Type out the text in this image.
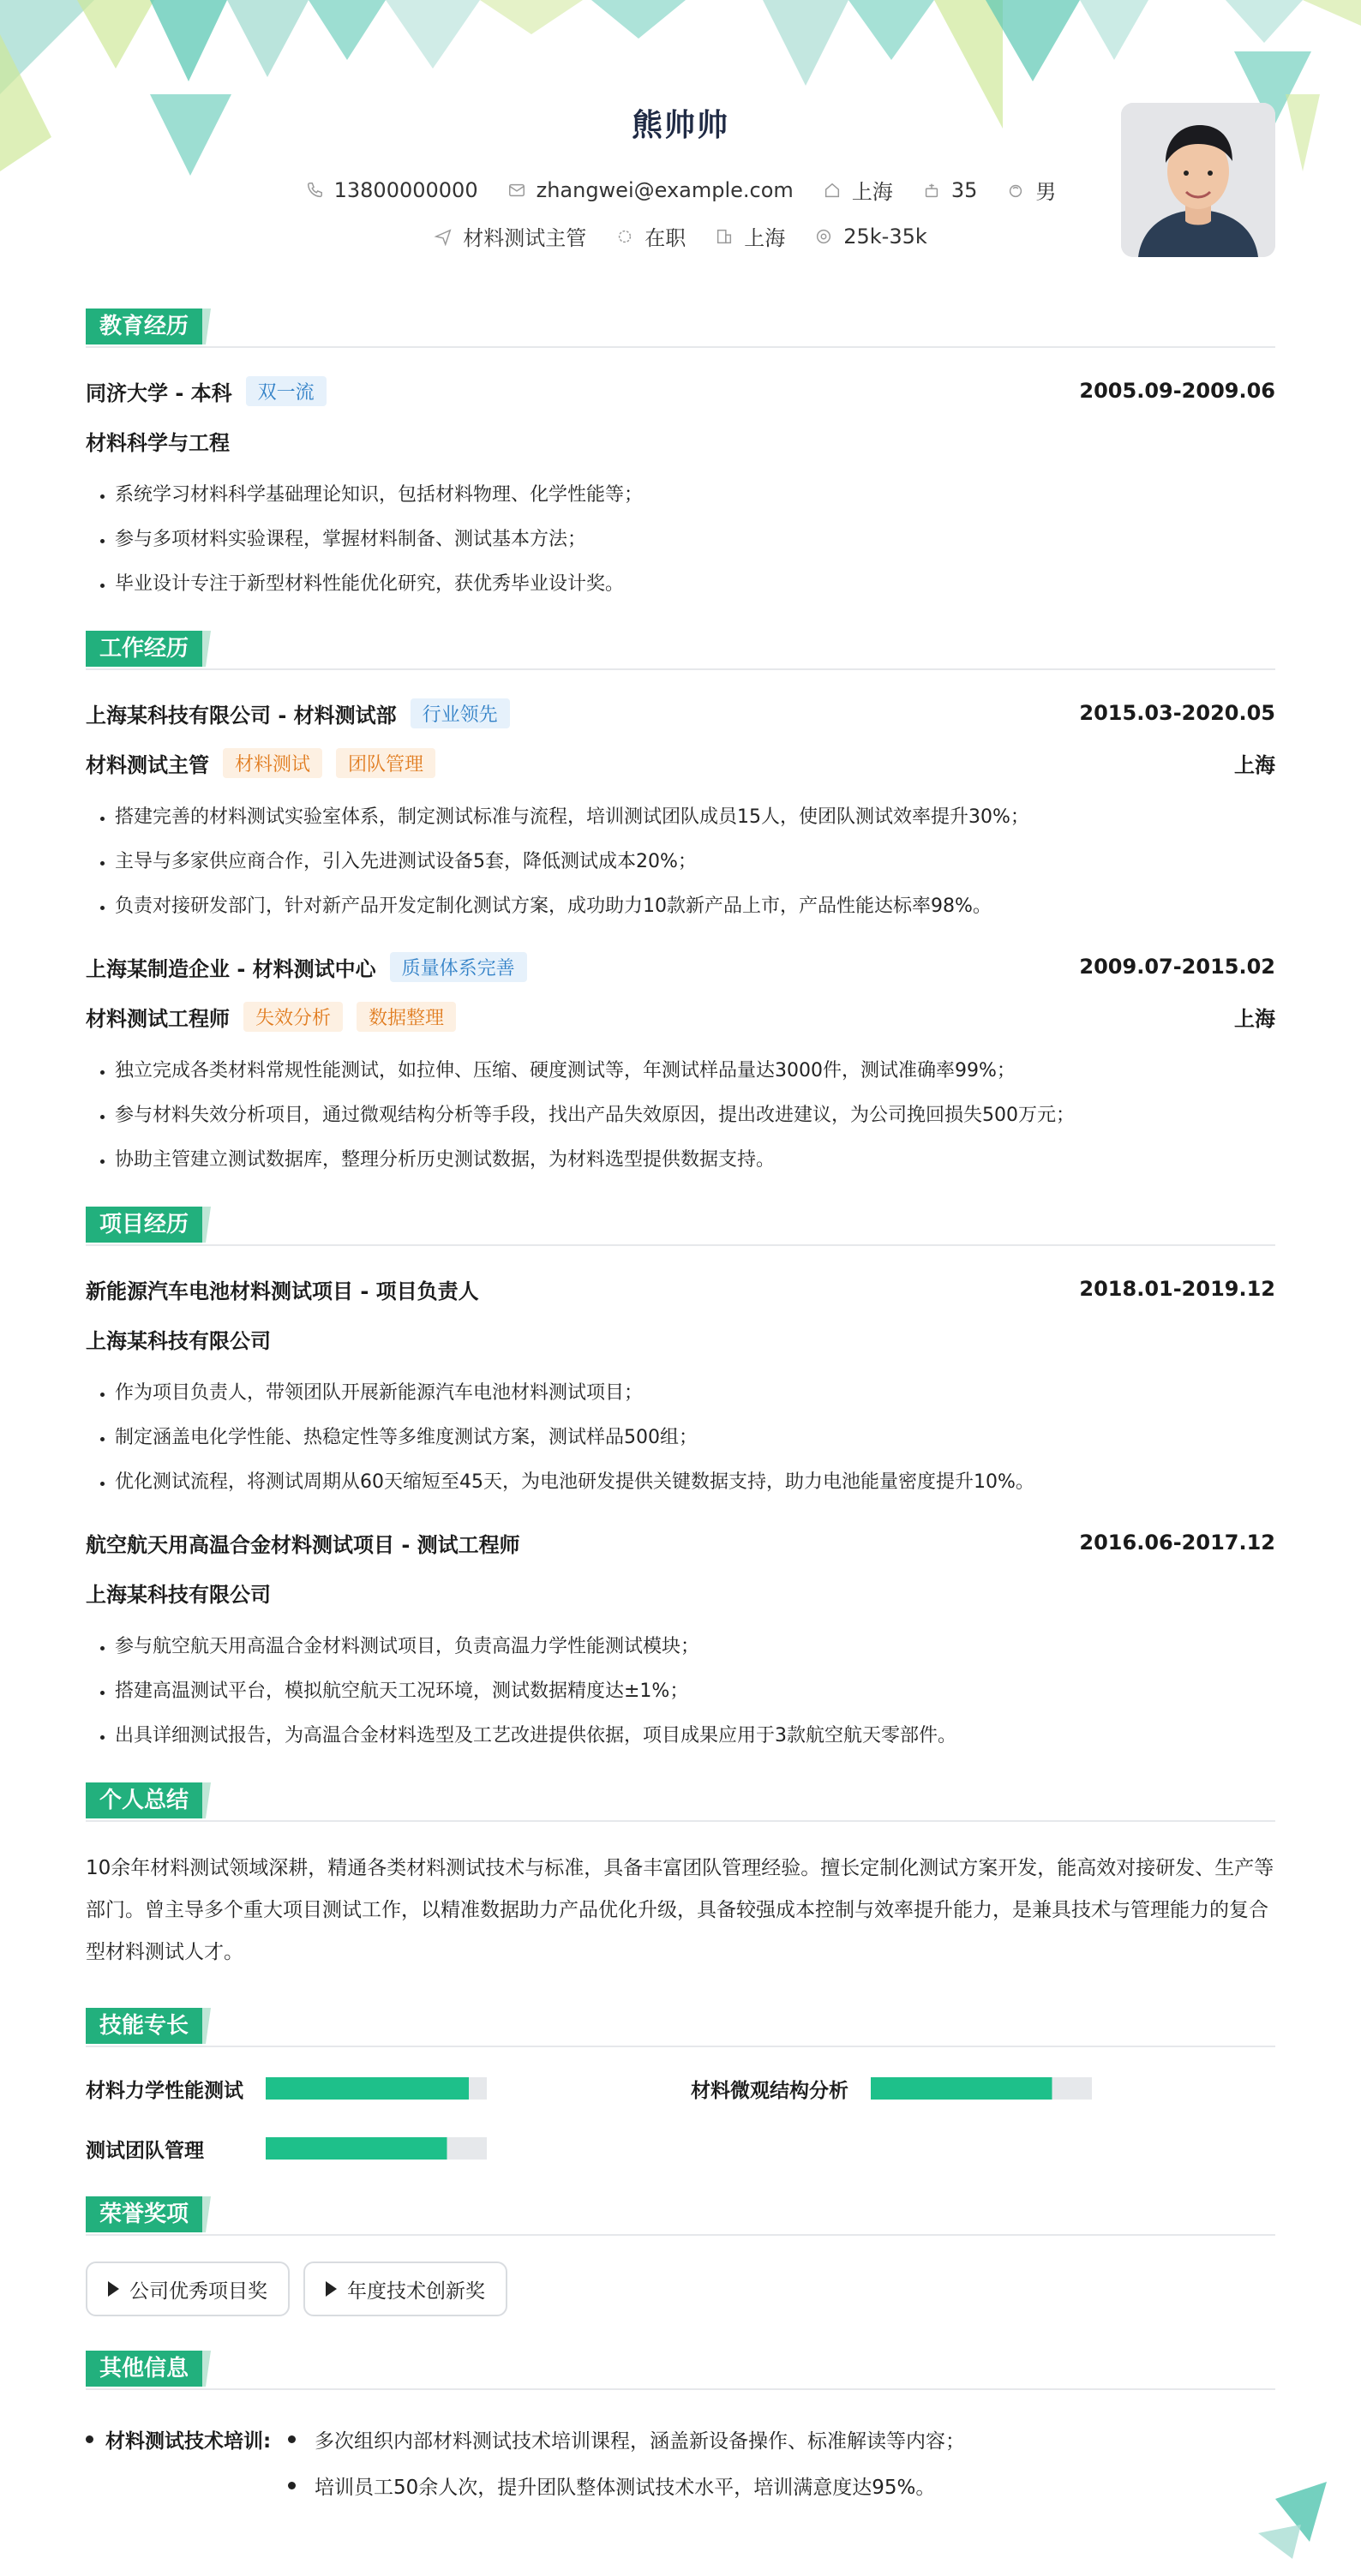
熊帅帅
13800000000	zhangwei@example.com	上海	35	男
材料测试主管	在职	上海	25k-35k
教育经历
同济大学 - 本科	双一流	2005.09-2009.06
材料科学与工程
• 系统学习材料科学基础理论知识，包括材料物理、化学性能等；
• 参与多项材料实验课程，掌握材料制备、测试基本方法；
• 毕业设计专注于新型材料性能优化研究，获优秀毕业设计奖。
工作经历
上海某科技有限公司 - 材料测试部	行业领先	2015.03-2020.05
材料测试主管	材料测试	团队管理	上海
• 搭建完善的材料测试实验室体系，制定测试标准与流程，培训测试团队成员15人，使团队测试效率提升30%；
• 主导与多家供应商合作，引入先进测试设备5套，降低测试成本20%；
• 负责对接研发部门，针对新产品开发定制化测试方案，成功助力10款新产品上市，产品性能达标率98%。
上海某制造企业 - 材料测试中心	质量体系完善	2009.07-2015.02
材料测试工程师	失效分析	数据整理	上海
• 独立完成各类材料常规性能测试，如拉伸、压缩、硬度测试等，年测试样品量达3000件，测试准确率99%；
• 参与材料失效分析项目，通过微观结构分析等手段，找出产品失效原因，提出改进建议，为公司挽回损失500万元；
• 协助主管建立测试数据库，整理分析历史测试数据，为材料选型提供数据支持。
项目经历
新能源汽车电池材料测试项目 - 项目负责人	2018.01-2019.12
上海某科技有限公司
• 作为项目负责人，带领团队开展新能源汽车电池材料测试项目；
• 制定涵盖电化学性能、热稳定性等多维度测试方案，测试样品500组；
• 优化测试流程，将测试周期从60天缩短至45天，为电池研发提供关键数据支持，助力电池能量密度提升10%。
航空航天用高温合金材料测试项目 - 测试工程师	2016.06-2017.12
上海某科技有限公司
• 参与航空航天用高温合金材料测试项目，负责高温力学性能测试模块；
• 搭建高温测试平台，模拟航空航天工况环境，测试数据精度达±1%；
• 出具详细测试报告，为高温合金材料选型及工艺改进提供依据，项目成果应用于3款航空航天零部件。
个人总结

10余年材料测试领域深耕，精通各类材料测试技术与标准，具备丰富团队管理经验。擅长定制化测试方案开发，能高效对接研发、生产等部门。曾主导多个重大项目测试工作，以精准数据助力产品优化升级，具备较强成本控制与效率提升能力，是兼具技术与管理能力的复合型材料测试人才。

技能专长
材料力学性能测试	材料微观结构分析
测试团队管理
荣誉奖项
公司优秀项目奖	年度技术创新奖
其他信息
材料测试技术培训: 多次组织内部材料测试技术培训课程，涵盖新设备操作、标准解读等内容；
培训员工50余人次，提升团队整体测试技术水平，培训满意度达95%。
